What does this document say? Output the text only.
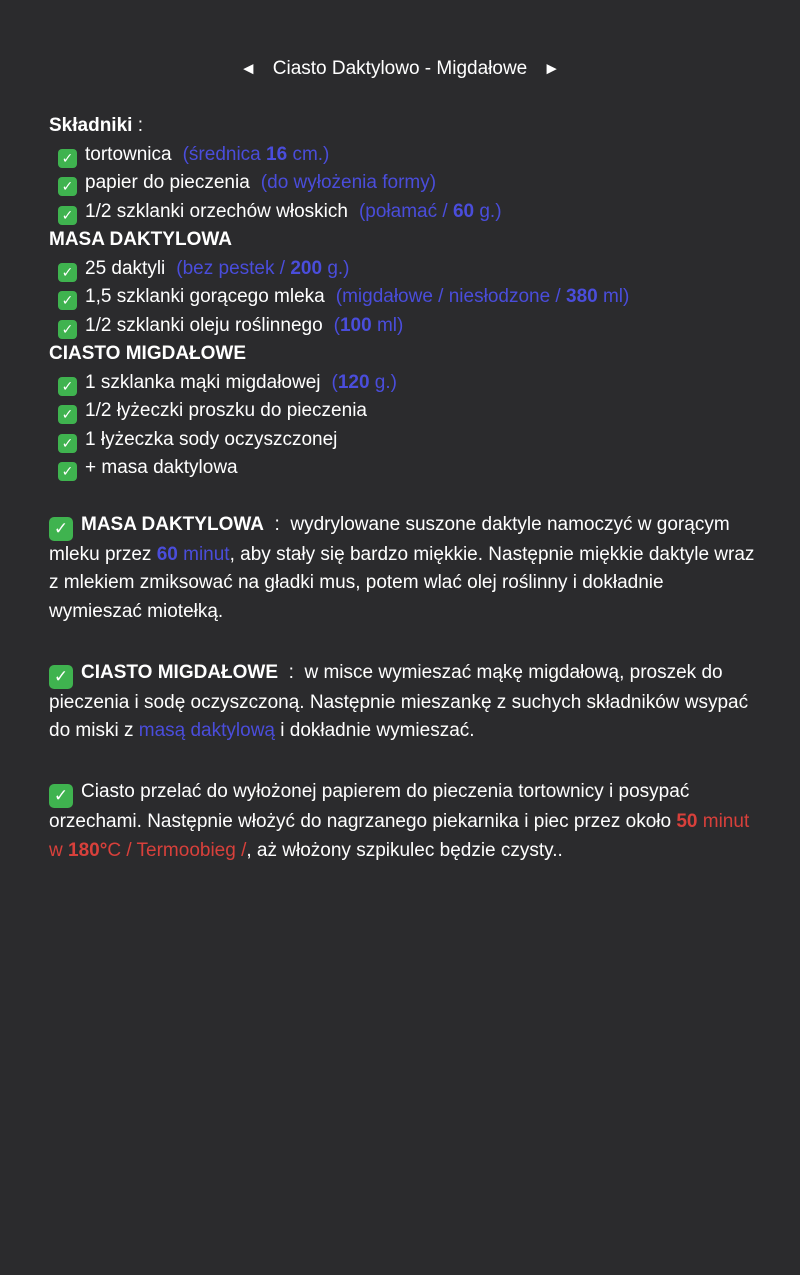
◄ Ciasto Daktylowo - Migdałowe ►
Składniki :
✓ tortownica (średnica 16 cm.)
✓ papier do pieczenia (do wyłożenia formy)
✓ 1/2 szklanki orzechów włoskich (połamać / 60 g.)
MASA DAKTYLOWA
✓ 25 daktyli (bez pestek / 200 g.)
✓ 1,5 szklanki gorącego mleka (migdałowe / niesłodzone / 380 ml)
✓ 1/2 szklanki oleju roślinnego (100 ml)
CIASTO MIGDAŁOWE
✓ 1 szklanka mąki migdałowej (120 g.)
✓ 1/2 łyżeczki proszku do pieczenia
✓ 1 łyżeczka sody oczyszczonej
✓ + masa daktylowa

✓ MASA DAKTYLOWA  :  wydrylowane suszone daktyle namoczyć w gorącym mleku przez 60 minut, aby stały się bardzo miękkie. Następnie miękkie daktyle wraz z mlekiem zmiksować na gładki mus, potem wlać olej roślinny i dokładnie wymieszać miotełką.

✓ CIASTO MIGDAŁOWE  :  w misce wymieszać mąkę migdałową, proszek do pieczenia i sodę oczyszczoną. Następnie mieszankę z suchych składników wsypać do miski z masą daktylową i dokładnie wymieszać.

✓ Ciasto przelać do wyłożonej papierem do pieczenia tortownicy i posypać orzechami. Następnie włożyć do nagrzanego piekarnika i piec przez około 50 minut w 180°C / Termoobieg /, aż włożony szpikulec będzie czysty..
